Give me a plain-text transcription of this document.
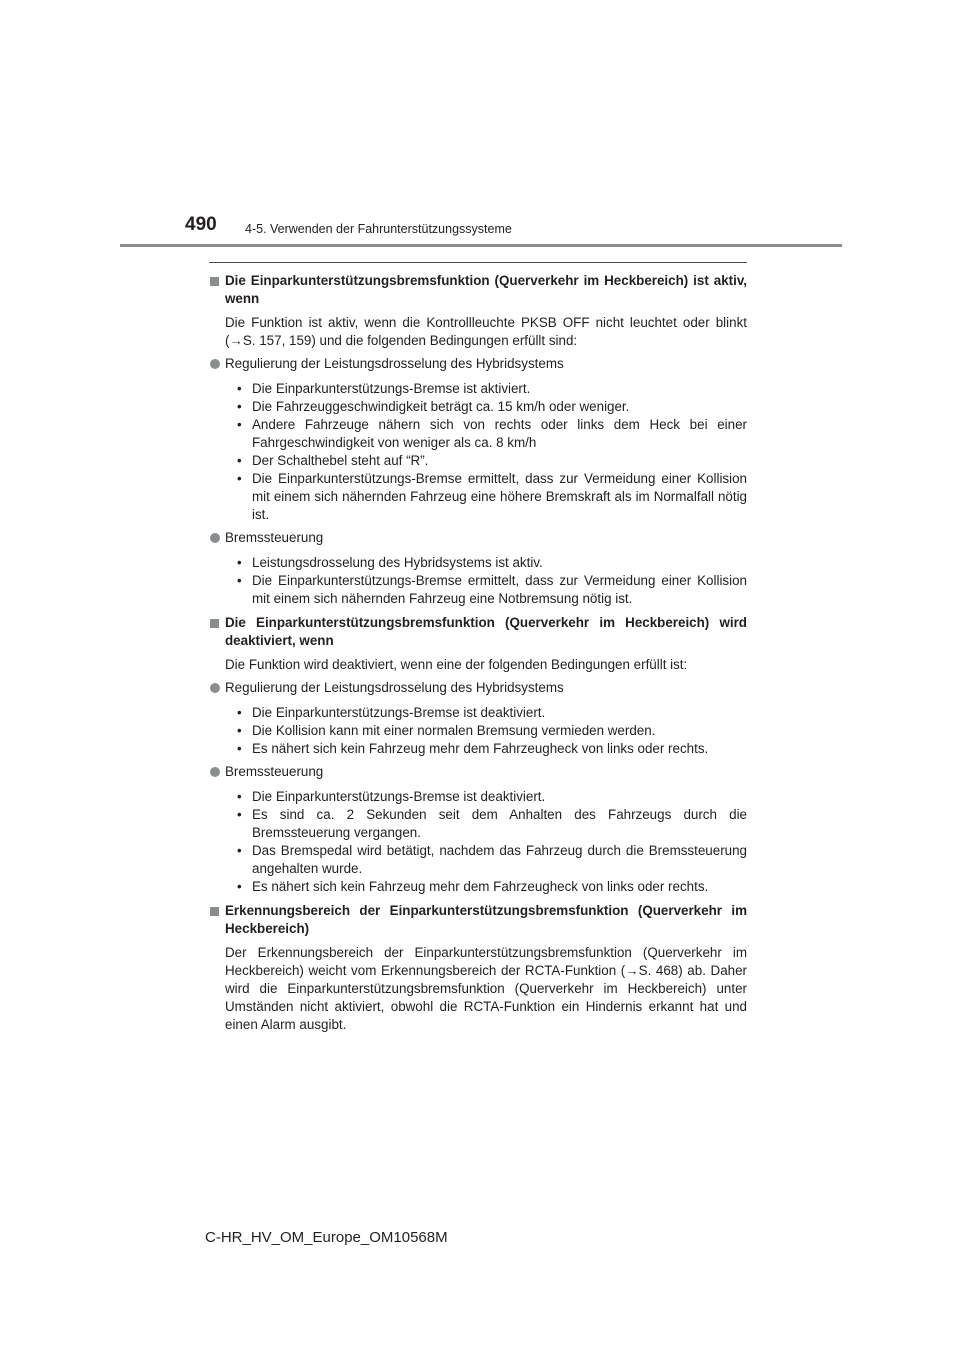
490 4-5. Verwenden der Fahrunterstützungssysteme
Die Einparkunterstützungsbremsfunktion (Querverkehr im Heckbereich) ist aktiv, wenn
Die Funktion ist aktiv, wenn die Kontrollleuchte PKSB OFF nicht leuchtet oder blinkt (→S. 157, 159) und die folgenden Bedingungen erfüllt sind:
Regulierung der Leistungsdrosselung des Hybridsystems
• Die Einparkunterstützungs-Bremse ist aktiviert.
• Die Fahrzeuggeschwindigkeit beträgt ca. 15 km/h oder weniger.
• Andere Fahrzeuge nähern sich von rechts oder links dem Heck bei einer Fahrgeschwindigkeit von weniger als ca. 8 km/h
• Der Schalthebel steht auf “R”.
• Die Einparkunterstützungs-Bremse ermittelt, dass zur Vermeidung einer Kollision mit einem sich nähernden Fahrzeug eine höhere Bremskraft als im Normalfall nötig ist.
Bremssteuerung
• Leistungsdrosselung des Hybridsystems ist aktiv.
• Die Einparkunterstützungs-Bremse ermittelt, dass zur Vermeidung einer Kollision mit einem sich nähernden Fahrzeug eine Notbremsung nötig ist.
Die Einparkunterstützungsbremsfunktion (Querverkehr im Heckbereich) wird deaktiviert, wenn
Die Funktion wird deaktiviert, wenn eine der folgenden Bedingungen erfüllt ist:
Regulierung der Leistungsdrosselung des Hybridsystems
• Die Einparkunterstützungs-Bremse ist deaktiviert.
• Die Kollision kann mit einer normalen Bremsung vermieden werden.
• Es nähert sich kein Fahrzeug mehr dem Fahrzeugheck von links oder rechts.
Bremssteuerung
• Die Einparkunterstützungs-Bremse ist deaktiviert.
• Es sind ca. 2 Sekunden seit dem Anhalten des Fahrzeugs durch die Bremssteuerung vergangen.
• Das Bremspedal wird betätigt, nachdem das Fahrzeug durch die Bremssteuerung angehalten wurde.
• Es nähert sich kein Fahrzeug mehr dem Fahrzeugheck von links oder rechts.
Erkennungsbereich der Einparkunterstützungsbremsfunktion (Querverkehr im Heckbereich)
Der Erkennungsbereich der Einparkunterstützungsbremsfunktion (Querverkehr im Heckbereich) weicht vom Erkennungsbereich der RCTA-Funktion (→S. 468) ab. Daher wird die Einparkunterstützungsbremsfunktion (Querverkehr im Heckbereich) unter Umständen nicht aktiviert, obwohl die RCTA-Funktion ein Hindernis erkannt hat und einen Alarm ausgibt.
C-HR_HV_OM_Europe_OM10568M
